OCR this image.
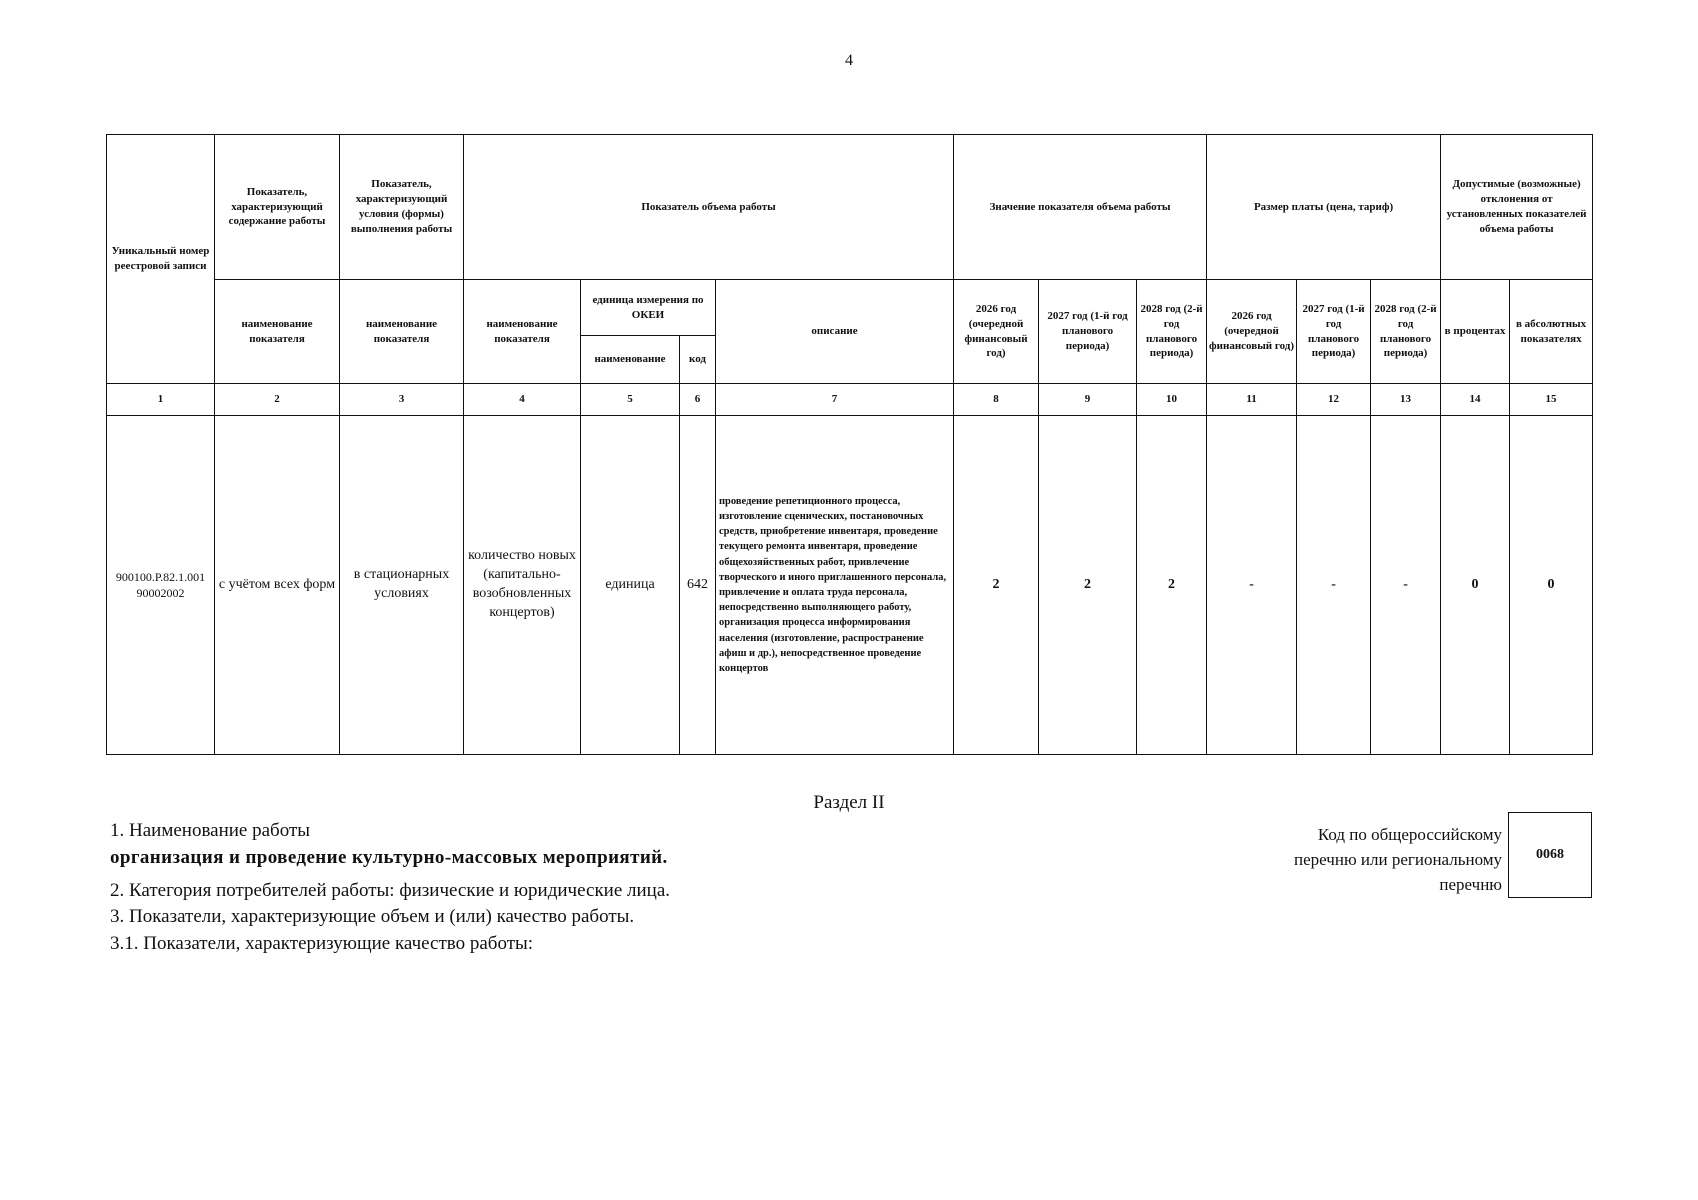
4
Уникальный номер реестровой записи	Показатель, характеризующий содержание работы	Показатель, характеризующий условия (формы) выполнения работы	Показатель объема работы				Значение показателя объема работы			Размер платы (цена, тариф)			Допустимые (возможные) отклонения от установленных показателей объема работы	
	наименование показателя	наименование показателя	наименование показателя	единица измерения по ОКЕИ		описание	2026 год (очередной финансовый год)	2027 год (1-й год планового периода)	2028 год (2-й год планового периода)	2026 год (очередной финансовый год)	2027 год (1-й год планового периода)	2028 год (2-й год планового периода)	в процентах	в абсолютных показателях
				наименование	код									
1	2	3	4	5	6	7	8	9	10	11	12	13	14	15
900100.Р.82.1.001 90002002	с учётом всех форм	в стационарных условиях	количество новых (капитально-возобновленных концертов)	единица	642	проведение репетиционного процесса, изготовление сценических, постановочных средств, приобретение инвентаря, проведение текущего ремонта инвентаря, проведение общехозяйственных работ, привлечение творческого и иного приглашенного персонала, привлечение и оплата труда персонала, непосредственно выполняющего работу, организация процесса информирования населения (изготовление, распространение афиш и др.), непосредственное проведение концертов	2	2	2	-	-	-	0	0
Раздел II
1. Наименование работы
организация и проведение культурно-массовых мероприятий.
2. Категория потребителей работы: физические и юридические лица.
3. Показатели, характеризующие объем и (или) качество работы.
3.1. Показатели, характеризующие качество работы:
Код по общероссийскому перечню или региональному перечню
0068
